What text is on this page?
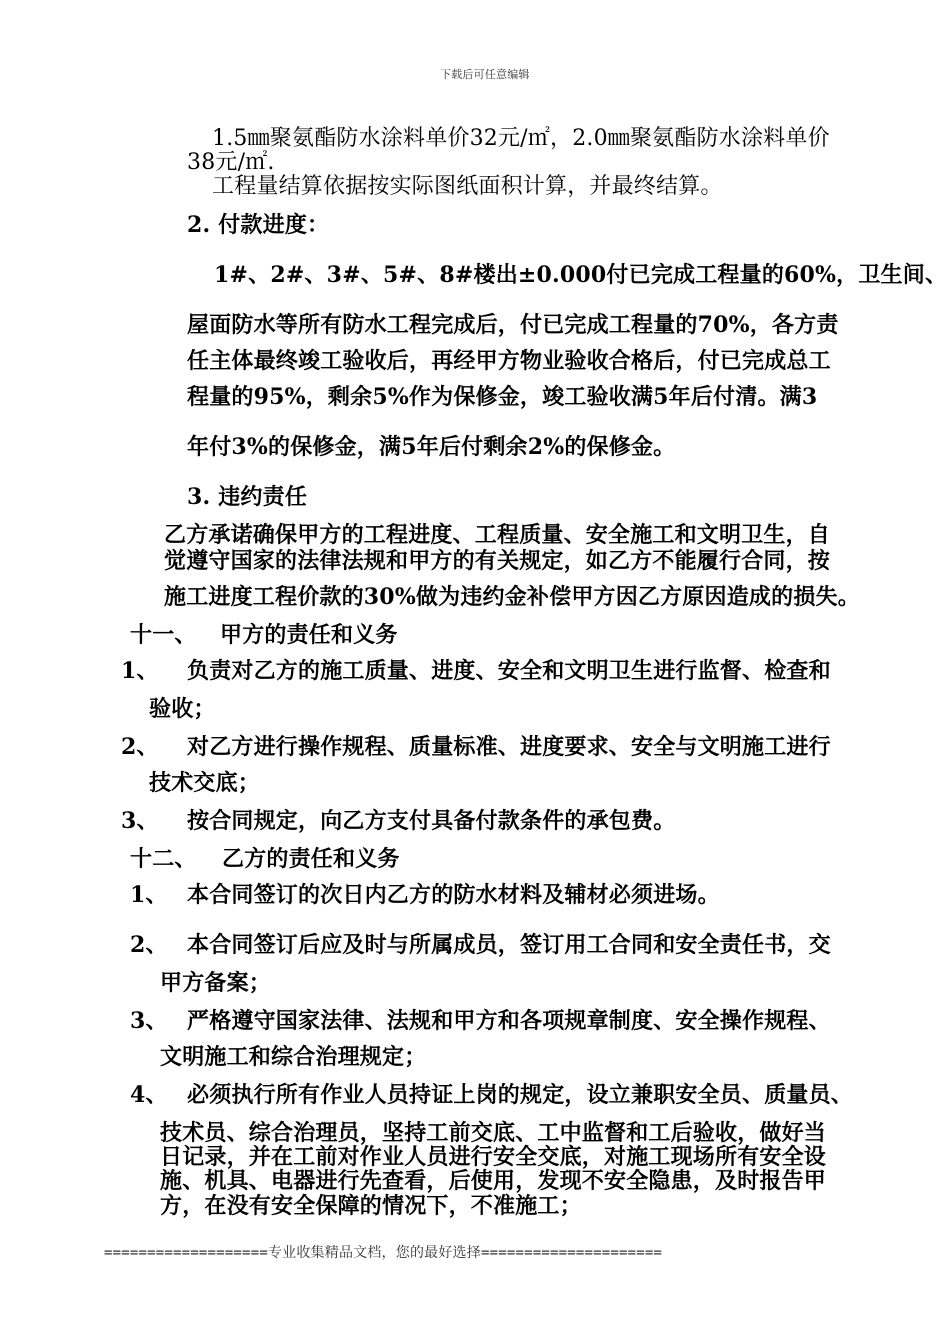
下载后可任意编辑
1.5㎜聚氨酯防水涂料单价32元/㎡，2.0㎜聚氨酯防水涂料单价
38元/㎡.
工程量结算依据按实际图纸面积计算，并最终结算。
2. 付款进度：
1#、2#、3#、5#、8#楼出±0.000付已完成工程量的60%，卫生间、
屋面防水等所有防水工程完成后，付已完成工程量的70%，各方责
任主体最终竣工验收后，再经甲方物业验收合格后，付已完成总工
程量的95%，剩余5%作为保修金，竣工验收满5年后付清。满3
年付3%的保修金，满5年后付剩余2%的保修金。
3. 违约责任
乙方承诺确保甲方的工程进度、工程质量、安全施工和文明卫生，自
觉遵守国家的法律法规和甲方的有关规定，如乙方不能履行合同，按
施工进度工程价款的30%做为违约金补偿甲方因乙方原因造成的损失。
十一、 甲方的责任和义务
1、 负责对乙方的施工质量、进度、安全和文明卫生进行监督、检查和
验收；
2、 对乙方进行操作规程、质量标准、进度要求、安全与文明施工进行
技术交底；
3、 按合同规定，向乙方支付具备付款条件的承包费。
十二、 乙方的责任和义务
1、 本合同签订的次日内乙方的防水材料及辅材必须进场。
2、 本合同签订后应及时与所属成员，签订用工合同和安全责任书，交
甲方备案；
3、 严格遵守国家法律、法规和甲方和各项规章制度、安全操作规程、
文明施工和综合治理规定；
4、 必须执行所有作业人员持证上岗的规定，设立兼职安全员、质量员、
技术员、综合治理员，坚持工前交底、工中监督和工后验收，做好当
日记录，并在工前对作业人员进行安全交底，对施工现场所有安全设
施、机具、电器进行先查看，后使用，发现不安全隐患，及时报告甲
方，在没有安全保障的情况下，不准施工；
===================专业收集精品文档，您的最好选择=====================
